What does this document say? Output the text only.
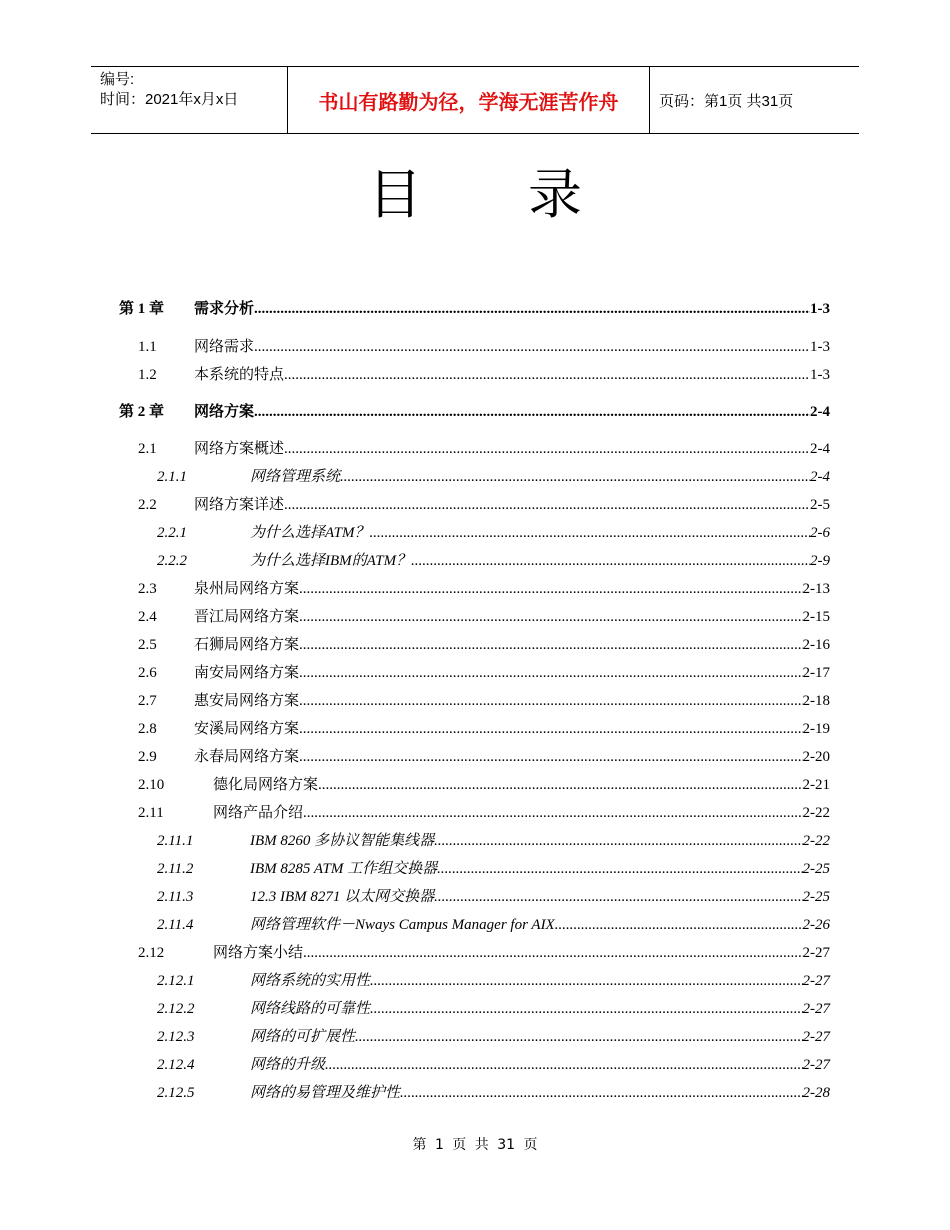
编号:
时间：2021年x月x日	书山有路勤为径，学海无涯苦作舟	页码：第1页 共31页
目录
第 1 章 需求分析 .....	1-3
1.1 网络需求 .....	1-3
1.2 本系统的特点 .....	1-3
第 2 章 网络方案 .....	2-4
2.1 网络方案概述 .....	2-4
2.1.1	网络管理系统 .....	2-4
2.2 网络方案详述 .....	2-5
2.2.1	为什么选择ATM？ .....	2-6
2.2.2	为什么选择IBM的ATM？ .....	2-9
2.3 泉州局网络方案 .....	2-13
2.4 晋江局网络方案 .....	2-15
2.5 石狮局网络方案 .....	2-16
2.6 南安局网络方案 .....	2-17
2.7 惠安局网络方案 .....	2-18
2.8 安溪局网络方案 .....	2-19
2.9 永春局网络方案 .....	2-20
2.10	德化局网络方案 .....	2-21
2.11	网络产品介绍 .....	2-22
2.11.1	IBM 8260 多协议智能集线器 .....	2-22
2.11.2	IBM 8285 ATM 工作组交换器 .....	2-25
2.11.3	12.3 IBM 8271 以太网交换器 .....	2-25
2.11.4	网络管理软件－Nways Campus Manager for AIX .....	2-26
2.12	网络方案小结 .....	2-27
2.12.1	网络系统的实用性 .....	2-27
2.12.2	网络线路的可靠性 .....	2-27
2.12.3	网络的可扩展性 .....	2-27
2.12.4	网络的升级 .....	2-27
2.12.5	网络的易管理及维护性 .....	2-28
第 1 页 共 31 页
